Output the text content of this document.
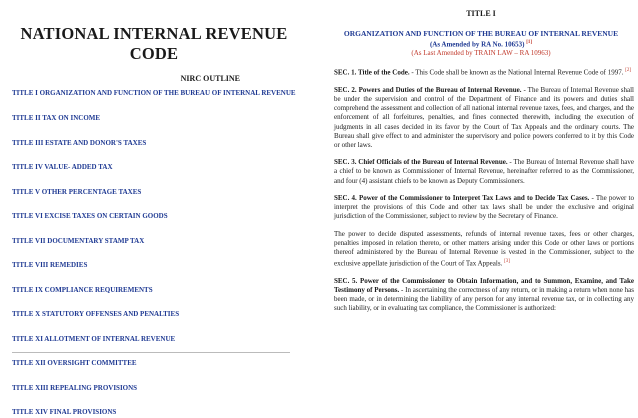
NATIONAL INTERNAL REVENUE CODE
NIRC OUTLINE
TITLE I ORGANIZATION AND FUNCTION OF THE BUREAU OF INTERNAL REVENUE
TITLE II TAX ON INCOME
TITLE III ESTATE AND DONOR'S TAXES
TITLE IV VALUE- ADDED TAX
TITLE V OTHER PERCENTAGE TAXES
TITLE VI EXCISE TAXES ON CERTAIN GOODS
TITLE VII DOCUMENTARY STAMP TAX
TITLE VIII REMEDIES
TITLE IX COMPLIANCE REQUIREMENTS
TITLE X STATUTORY OFFENSES AND PENALTIES
TITLE XI ALLOTMENT OF INTERNAL REVENUE
TITLE XII OVERSIGHT COMMITTEE
TITLE XIII REPEALING PROVISIONS
TITLE XIV FINAL PROVISIONS
TITLE I
ORGANIZATION AND FUNCTION OF THE BUREAU OF INTERNAL REVENUE
(As Amended by RA No. 10653) [1]
(As Last Amended by TRAIN LAW – RA 10963)

SEC. 1. Title of the Code. - This Code shall be known as the National Internal Revenue Code of 1997. [2]

SEC. 2. Powers and Duties of the Bureau of Internal Revenue. - The Bureau of Internal Revenue shall be under the supervision and control of the Department of Finance and its powers and duties shall comprehend the assessment and collection of all national internal revenue taxes, fees, and charges, and the enforcement of all forfeitures, penalties, and fines connected therewith, including the execution of judgments in all cases decided in its favor by the Court of Tax Appeals and the ordinary courts. The Bureau shall give effect to and administer the supervisory and police powers conferred to it by this Code or other laws.

SEC. 3. Chief Officials of the Bureau of Internal Revenue. - The Bureau of Internal Revenue shall have a chief to be known as Commissioner of Internal Revenue, hereinafter referred to as the Commissioner, and four (4) assistant chiefs to be known as Deputy Commissioners.

SEC. 4. Power of the Commissioner to Interpret Tax Laws and to Decide Tax Cases. - The power to interpret the provisions of this Code and other tax laws shall be under the exclusive and original jurisdiction of the Commissioner, subject to review by the Secretary of Finance.

The power to decide disputed assessments, refunds of internal revenue taxes, fees or other charges, penalties imposed in relation thereto, or other matters arising under this Code or other laws or portions thereof administered by the Bureau of Internal Revenue is vested in the Commissioner, subject to the exclusive appellate jurisdiction of the Court of Tax Appeals. [3]

SEC. 5. Power of the Commissioner to Obtain Information, and to Summon, Examine, and Take Testimony of Persons. - In ascertaining the correctness of any return, or in making a return when none has been made, or in determining the liability of any person for any internal revenue tax, or in collecting any such liability, or in evaluating tax compliance, the Commissioner is authorized:
